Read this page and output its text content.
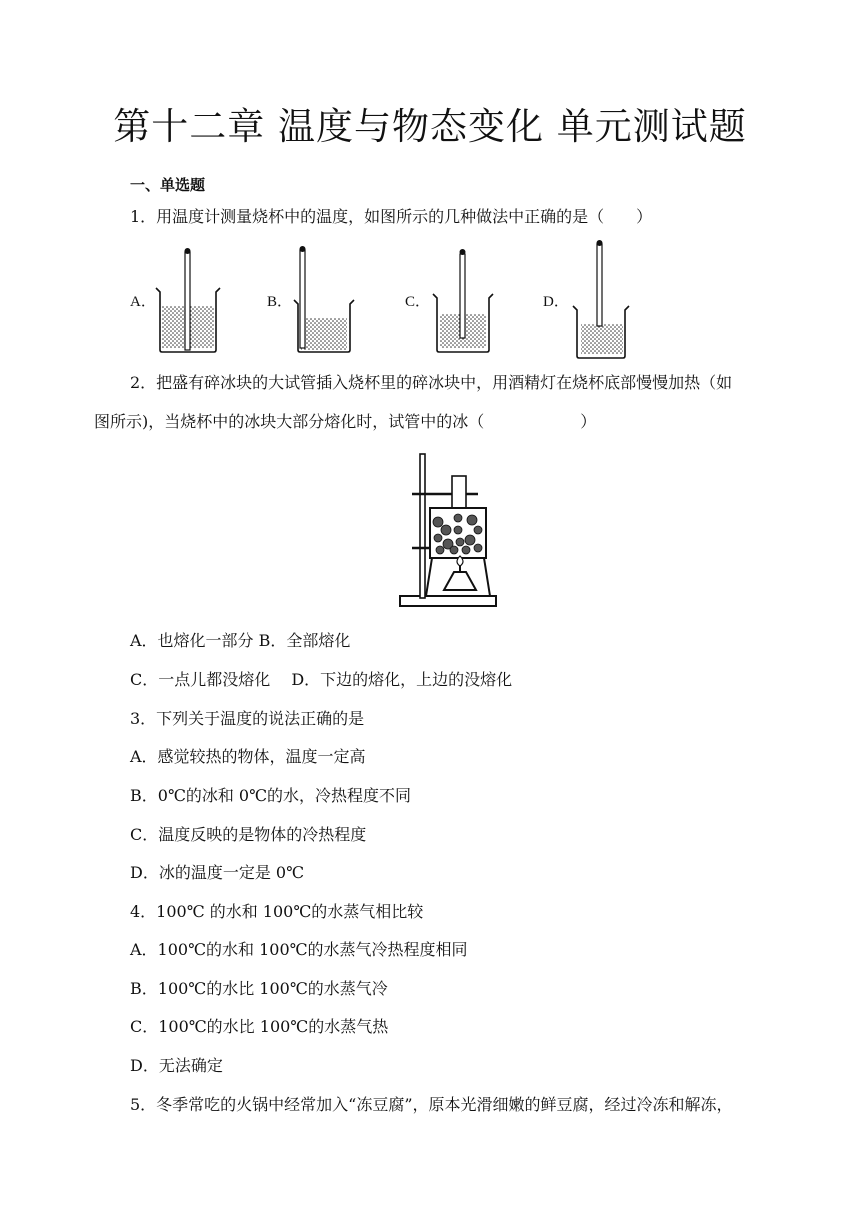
第十二章 温度与物态变化 单元测试题
一、单选题
1．用温度计测量烧杯中的温度，如图所示的几种做法中正确的是（　　）
A．	B．	C．	D．
2．把盛有碎冰块的大试管插入烧杯里的碎冰块中，用酒精灯在烧杯底部慢慢加热（如
图所示)，当烧杯中的冰块大部分熔化时，试管中的冰（　　　　　　）
A．也熔化一部分 B．全部熔化
C．一点儿都没熔化　 D．下边的熔化，上边的没熔化
3．下列关于温度的说法正确的是
A．感觉较热的物体，温度一定高
B．0℃的冰和 0℃的水，冷热程度不同
C．温度反映的是物体的冷热程度
D．冰的温度一定是 0℃
4．100℃ 的水和 100℃的水蒸气相比较
A．100℃的水和 100℃的水蒸气冷热程度相同
B．100℃的水比 100℃的水蒸气冷
C．100℃的水比 100℃的水蒸气热
D．无法确定
5．冬季常吃的火锅中经常加入“冻豆腐”，原本光滑细嫩的鲜豆腐，经过冷冻和解冻，
